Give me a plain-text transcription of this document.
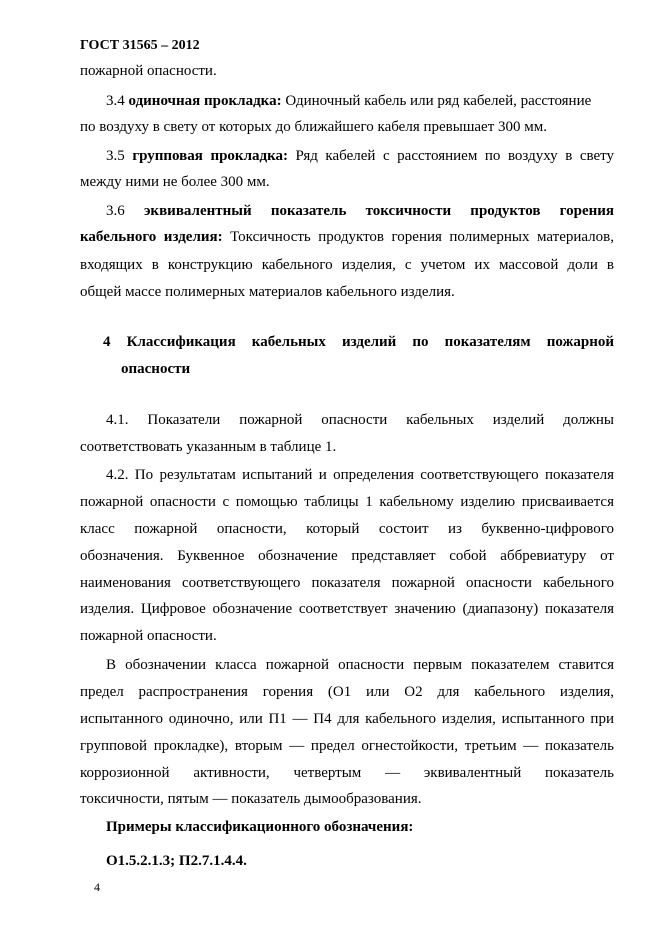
ГОСТ 31565 – 2012
пожарной опасности.
3.4 одиночная прокладка: Одиночный кабель или ряд кабелей, расстояние
по воздуху в свету от которых до ближайшего кабеля превышает 300 мм.
3.5 групповая прокладка: Ряд кабелей с расстоянием по воздуху в свету
между ними не более 300 мм.
3.6 эквивалентный показатель токсичности продуктов горения
кабельного изделия: Токсичность продуктов горения полимерных материалов,
входящих в конструкцию кабельного изделия, с учетом их массовой доли в
общей массе полимерных материалов кабельного изделия.
4 Классификация кабельных изделий по показателям пожарной
опасности
4.1. Показатели пожарной опасности кабельных изделий должны
соответствовать указанным в таблице 1.
4.2. По результатам испытаний и определения соответствующего показателя
пожарной опасности с помощью таблицы 1 кабельному изделию присваивается
класс пожарной опасности, который состоит из буквенно-цифрового
обозначения. Буквенное обозначение представляет собой аббревиатуру от
наименования соответствующего показателя пожарной опасности кабельного
изделия. Цифровое обозначение соответствует значению (диапазону) показателя
пожарной опасности.
В обозначении класса пожарной опасности первым показателем ставится
предел распространения горения (О1 или О2 для кабельного изделия,
испытанного одиночно, или П1 — П4 для кабельного изделия, испытанного при
групповой прокладке), вторым — предел огнестойкости, третьим — показатель
коррозионной активности, четвертым — эквивалентный показатель
токсичности, пятым — показатель дымообразования.
Примеры классификационного обозначения:
О1.5.2.1.3; П2.7.1.4.4.
4
